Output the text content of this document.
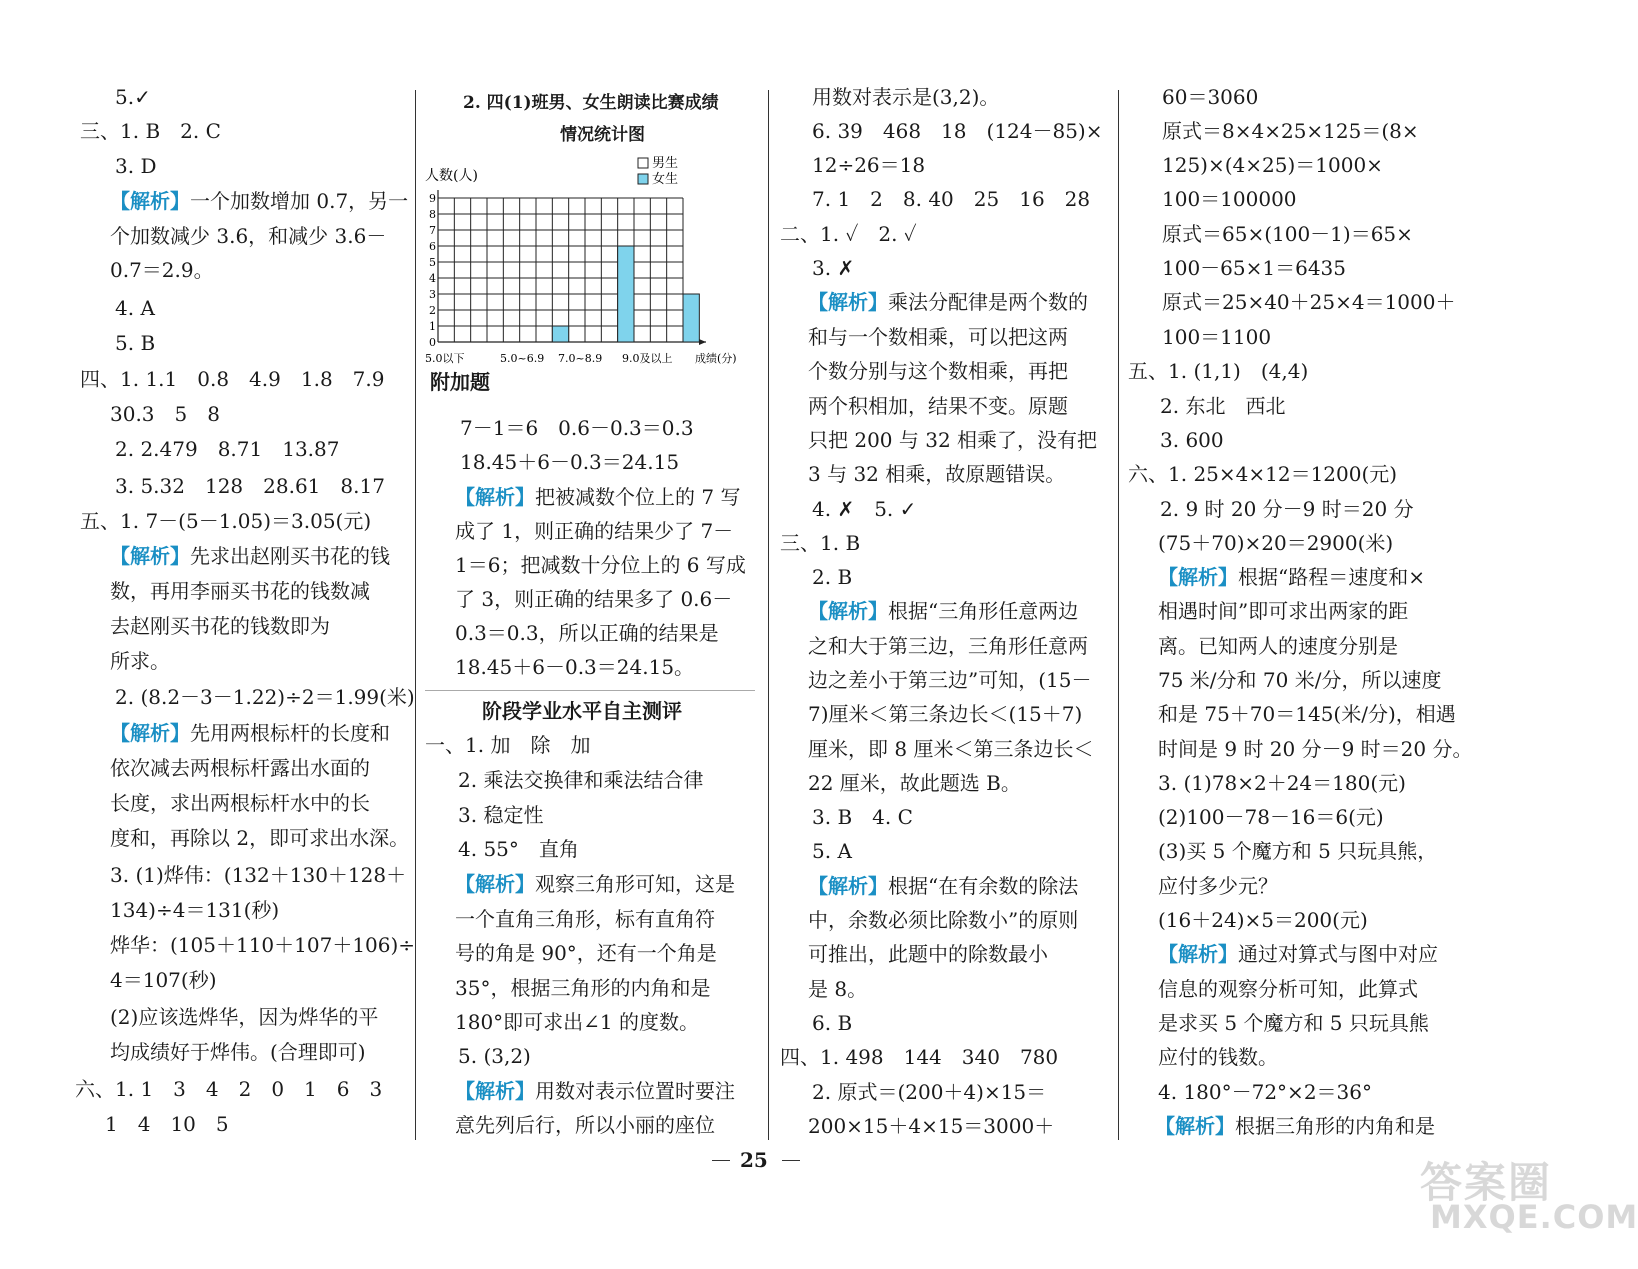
2. 四(1)班男、女生朗读比赛成绩
情况统计图
0
1
2
3
4
5
6
7
8
9
人数(人)
男生
女生
5.0以下	5.0~6.9 7.0~8.9 9.0及以上 成绩(分)
阶段学业水平自主测评
25	答案圈
MXQE.COM
5.✓
三、1. B　2. C
3. D
【解析】一个加数增加 0.7，另一
个加数减少 3.6，和减少 3.6－
0.7＝2.9。
4. A
5. B
四、1. 1.1　0.8　4.9　1.8　7.9
30.3　5　8
2. 2.479　8.71　13.87
3. 5.32　128　28.61　8.17
五、1. 7－(5－1.05)＝3.05(元)
【解析】先求出赵刚买书花的钱
数，再用李丽买书花的钱数减
去赵刚买书花的钱数即为
所求。
2. (8.2－3－1.22)÷2＝1.99(米)
【解析】先用两根标杆的长度和
依次减去两根标杆露出水面的
长度，求出两根标杆水中的长
度和，再除以 2，即可求出水深。
3. (1)烨伟：(132＋130＋128＋
134)÷4＝131(秒)
烨华：(105＋110＋107＋106)÷
4＝107(秒)
(2)应该选烨华，因为烨华的平
均成绩好于烨伟。(合理即可)
六、1. 1　3　4　2　0　1　6　3
1　4　10　5
附加题
7－1＝6　0.6－0.3＝0.3
18.45＋6－0.3＝24.15
【解析】把被减数个位上的 7 写
成了 1，则正确的结果少了 7－
1＝6；把减数十分位上的 6 写成
了 3，则正确的结果多了 0.6－
0.3＝0.3，所以正确的结果是
18.45＋6－0.3＝24.15。
一、1. 加　除　加
2. 乘法交换律和乘法结合律
3. 稳定性
4. 55°　直角
【解析】观察三角形可知，这是
一个直角三角形，标有直角符
号的角是 90°，还有一个角是
35°，根据三角形的内角和是
180°即可求出∠1 的度数。
5. (3,2)
【解析】用数对表示位置时要注
意先列后行，所以小丽的座位
用数对表示是(3,2)。
6. 39　468　18　(124－85)×
12÷26＝18
7. 1　2　8. 40　25　16　28
二、1. ✓　2. ✓
3. ✗
【解析】乘法分配律是两个数的
和与一个数相乘，可以把这两
个数分别与这个数相乘，再把
两个积相加，结果不变。原题
只把 200 与 32 相乘了，没有把
3 与 32 相乘，故原题错误。
4. ✗　5. ✓
三、1. B
2. B
【解析】根据“三角形任意两边
之和大于第三边，三角形任意两
边之差小于第三边”可知，(15－
7)厘米＜第三条边长＜(15＋7)
厘米，即 8 厘米＜第三条边长＜
22 厘米，故此题选 B。
3. B　4. C
5. A
【解析】根据“在有余数的除法
中，余数必须比除数小”的原则
可推出，此题中的除数最小
是 8。
6. B
四、1. 498　144　340　780
2. 原式＝(200＋4)×15＝
200×15＋4×15＝3000＋
60＝3060
原式＝8×4×25×125＝(8×
125)×(4×25)＝1000×
100＝100000
原式＝65×(100－1)＝65×
100－65×1＝6435
原式＝25×40＋25×4＝1000＋
100＝1100
五、1. (1,1)　(4,4)
2. 东北　西北
3. 600
六、1. 25×4×12＝1200(元)
2. 9 时 20 分－9 时＝20 分
(75＋70)×20＝2900(米)
【解析】根据“路程＝速度和×
相遇时间”即可求出两家的距
离。已知两人的速度分别是
75 米/分和 70 米/分，所以速度
和是 75＋70＝145(米/分)，相遇
时间是 9 时 20 分－9 时＝20 分。
3. (1)78×2＋24＝180(元)
(2)100－78－16＝6(元)
(3)买 5 个魔方和 5 只玩具熊，
应付多少元？
(16＋24)×5＝200(元)
【解析】通过对算式与图中对应
信息的观察分析可知，此算式
是求买 5 个魔方和 5 只玩具熊
应付的钱数。
4. 180°－72°×2＝36°
【解析】根据三角形的内角和是
